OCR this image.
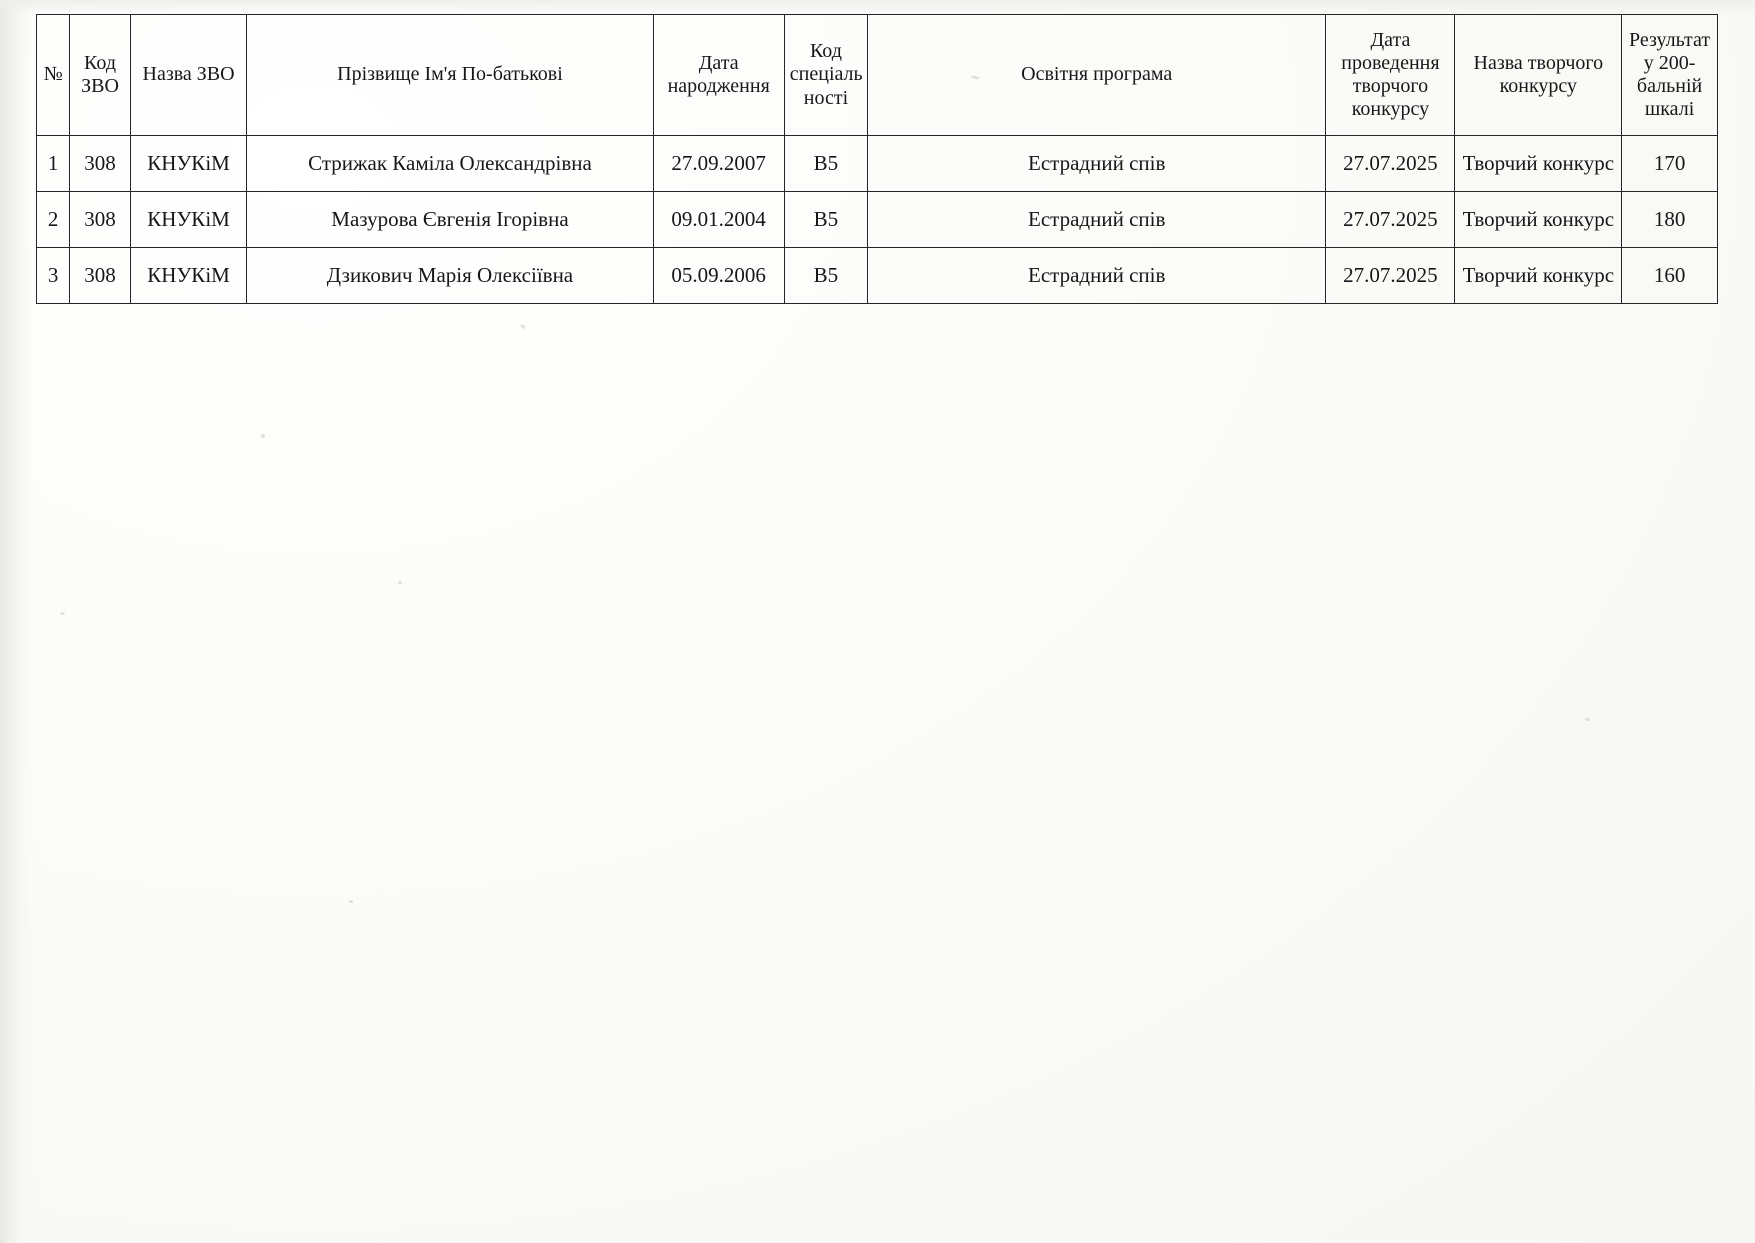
№	Код ЗВО	Назва ЗВО	Прізвище Ім'я По-батькові	Дата народження	Код спеціаль ності	Освітня програма	Дата проведення творчого конкурсу	Назва творчого конкурсу	Результат у 200-бальній шкалі
1	308	КНУКіМ	Стрижак Каміла Олександрівна	27.09.2007	В5	Естрадний спів	27.07.2025	Творчий конкурс	170
2	308	КНУКіМ	Мазурова Євгенія Ігорівна	09.01.2004	В5	Естрадний спів	27.07.2025	Творчий конкурс	180
3	308	КНУКіМ	Дзикович Марія Олексіївна	05.09.2006	В5	Естрадний спів	27.07.2025	Творчий конкурс	160
